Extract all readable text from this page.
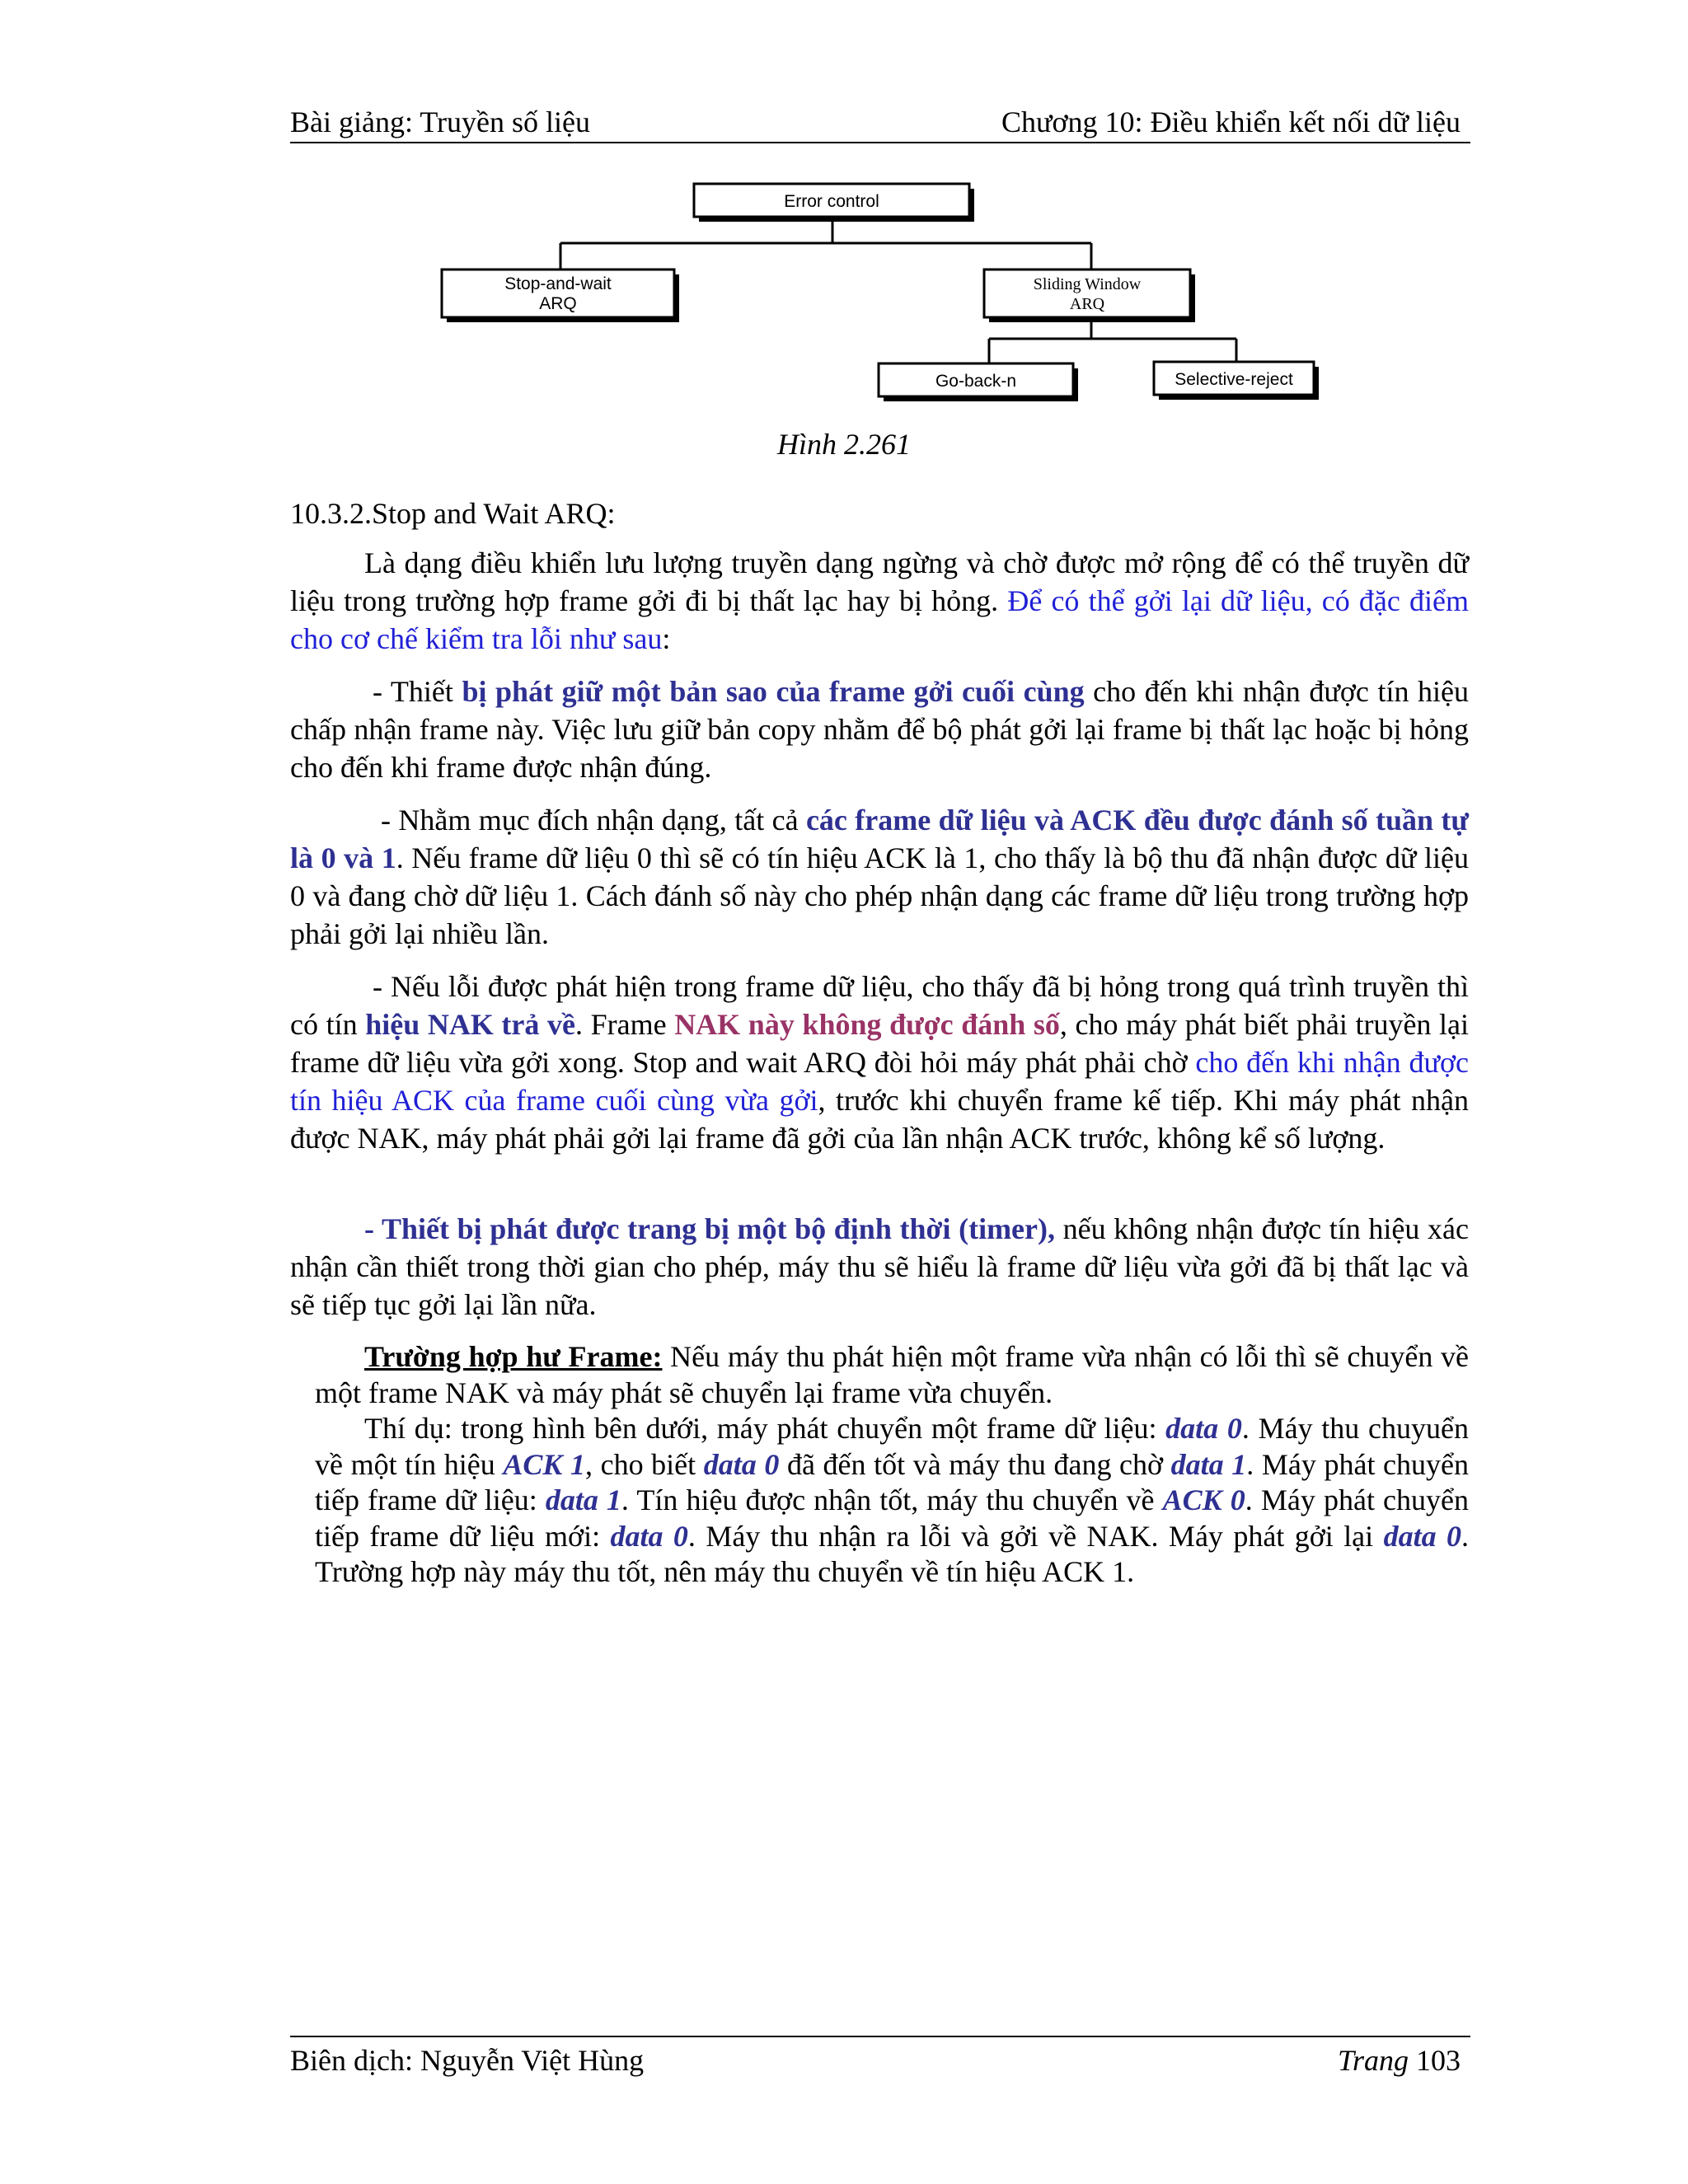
Bài giảng: Truyền số liệu	Chương 10: Điều khiển kết nối dữ liệu
Error control
Stop-and-wait
ARQ
Sliding Window
ARQ
Go-back-n	Selective-reject
Hình 2.261
10.3.2.Stop and Wait ARQ:
Là dạng điều khiển lưu lượng truyền dạng ngừng và chờ được mở rộng để có thể truyền dữ liệu trong trường hợp frame gởi đi bị thất lạc hay bị hỏng. Để có thể gởi lại dữ liệu, có đặc điểm cho cơ chế kiểm tra lỗi như sau:
- Thiết bị phát giữ một bản sao của frame gởi cuối cùng cho đến khi nhận được tín hiệu chấp nhận frame này. Việc lưu giữ bản copy nhằm để bộ phát gởi lại frame bị thất lạc hoặc bị hỏng cho đến khi frame được nhận đúng.
- Nhằm mục đích nhận dạng, tất cả các frame dữ liệu và ACK đều được đánh số tuần tự là 0 và 1. Nếu frame dữ liệu 0 thì sẽ có tín hiệu ACK là 1, cho thấy là bộ thu đã nhận được dữ liệu 0 và đang chờ dữ liệu 1. Cách đánh số này cho phép nhận dạng các frame dữ liệu trong trường hợp phải gởi lại nhiều lần.
- Nếu lỗi được phát hiện trong frame dữ liệu, cho thấy đã bị hỏng trong quá trình truyền thì có tín hiệu NAK trả về. Frame NAK này không được đánh số, cho máy phát biết phải truyền lại frame dữ liệu vừa gởi xong. Stop and wait ARQ đòi hỏi máy phát phải chờ cho đến khi nhận được tín hiệu ACK của frame cuối cùng vừa gởi, trước khi chuyển frame kế tiếp. Khi máy phát nhận được NAK, máy phát phải gởi lại frame đã gởi của lần nhận ACK trước, không kể số lượng.
- Thiết bị phát được trang bị một bộ định thời (timer), nếu không nhận được tín hiệu xác nhận cần thiết trong thời gian cho phép, máy thu sẽ hiểu là frame dữ liệu vừa gởi đã bị thất lạc và sẽ tiếp tục gởi lại lần nữa.
Trường hợp hư Frame: Nếu máy thu phát hiện một frame vừa nhận có lỗi thì sẽ chuyển về một frame NAK và máy phát sẽ chuyển lại frame vừa chuyển.
Thí dụ: trong hình bên dưới, máy phát chuyển một frame dữ liệu: data 0. Máy thu chuyuển về một tín hiệu ACK 1, cho biết data 0 đã đến tốt và máy thu đang chờ data 1. Máy phát chuyển tiếp frame dữ liệu: data 1. Tín hiệu được nhận tốt, máy thu chuyển về ACK 0. Máy phát chuyển tiếp frame dữ liệu mới: data 0. Máy thu nhận ra lỗi và gởi về NAK. Máy phát gởi lại data 0. Trường hợp này máy thu tốt, nên máy thu chuyển về tín hiệu ACK 1.
Biên dịch: Nguyễn Việt Hùng	Trang 103
